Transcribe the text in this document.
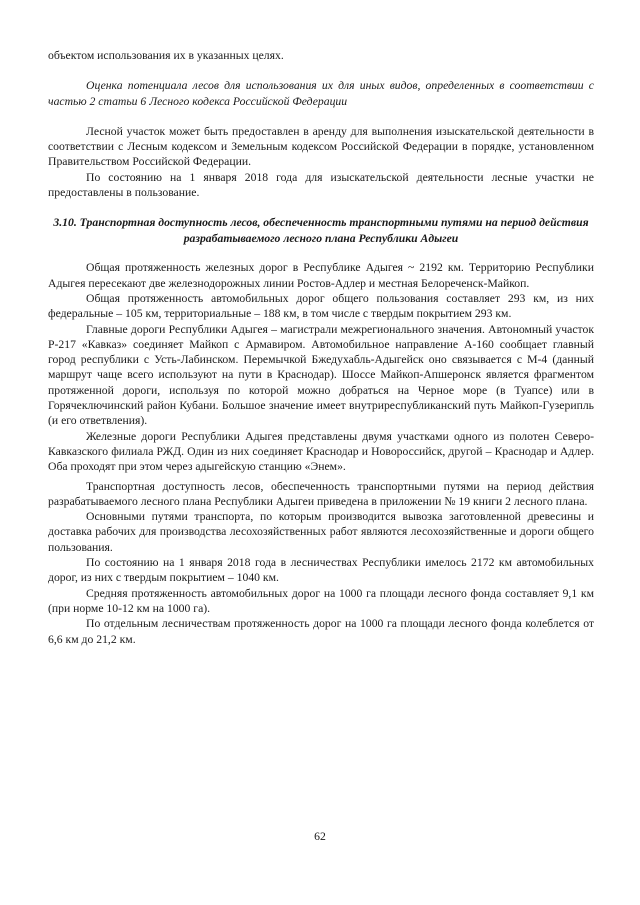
объектом использования их в указанных целях.

Оценка потенциала лесов для использования их для иных видов, определенных в соответствии с частью 2 статьи 6 Лесного кодекса Российской Федерации

Лесной участок может быть предоставлен в аренду для выполнения изыскательской деятельности в соответствии с Лесным кодексом и Земельным кодексом Российской Федерации в порядке, установленном Правительством Российской Федерации.

По состоянию на 1 января 2018 года для изыскательской деятельности лесные участки не предоставлены в пользование.

3.10. Транспортная доступность лесов, обеспеченность транспортными путями на период действия разрабатываемого лесного плана Республики Адыгеи

Общая протяженность железных дорог в Республике Адыгея ~ 2192 км. Территорию Республики Адыгея пересекают две железнодорожных линии Ростов-Адлер и местная Белореченск-Майкоп.

Общая протяженность автомобильных дорог общего пользования составляет 293 км, из них федеральные – 105 км, территориальные – 188 км, в том числе с твердым покрытием 293 км.

Главные дороги Республики Адыгея – магистрали межрегионального значения. Автономный участок Р-217 «Кавказ» соединяет Майкоп с Армавиром. Автомобильное направление А-160 сообщает главный город республики с Усть-Лабинском. Перемычкой Бжедухабль-Адыгейск оно связывается с М-4 (данный маршрут чаще всего используют на пути в Краснодар). Шоссе Майкоп-Апшеронск является фрагментом протяженной дороги, используя по которой можно добраться на Черное море (в Туапсе) или в Горячеключинский район Кубани. Большое значение имеет внутриреспубликанский путь Майкоп-Гузерипль (и его ответвления).

Железные дороги Республики Адыгея представлены двумя участками одного из полотен Северо-Кавказского филиала РЖД. Один из них соединяет Краснодар и Новороссийск, другой – Краснодар и Адлер. Оба проходят при этом через адыгейскую станцию «Энем».

Транспортная доступность лесов, обеспеченность транспортными путями на период действия разрабатываемого лесного плана Республики Адыгеи приведена в приложении № 19 книги 2 лесного плана.

Основными путями транспорта, по которым производится вывозка заготовленной древесины и доставка рабочих для производства лесохозяйственных работ являются лесохозяйственные и дороги общего пользования.

По состоянию на 1 января 2018 года в лесничествах Республики имелось 2172 км автомобильных дорог, из них с твердым покрытием – 1040 км.

Средняя протяженность автомобильных дорог на 1000 га площади лесного фонда составляет 9,1 км (при норме 10-12 км на 1000 га).

По отдельным лесничествам протяженность дорог на 1000 га площади лесного фонда колеблется от 6,6 км до 21,2 км.

62
